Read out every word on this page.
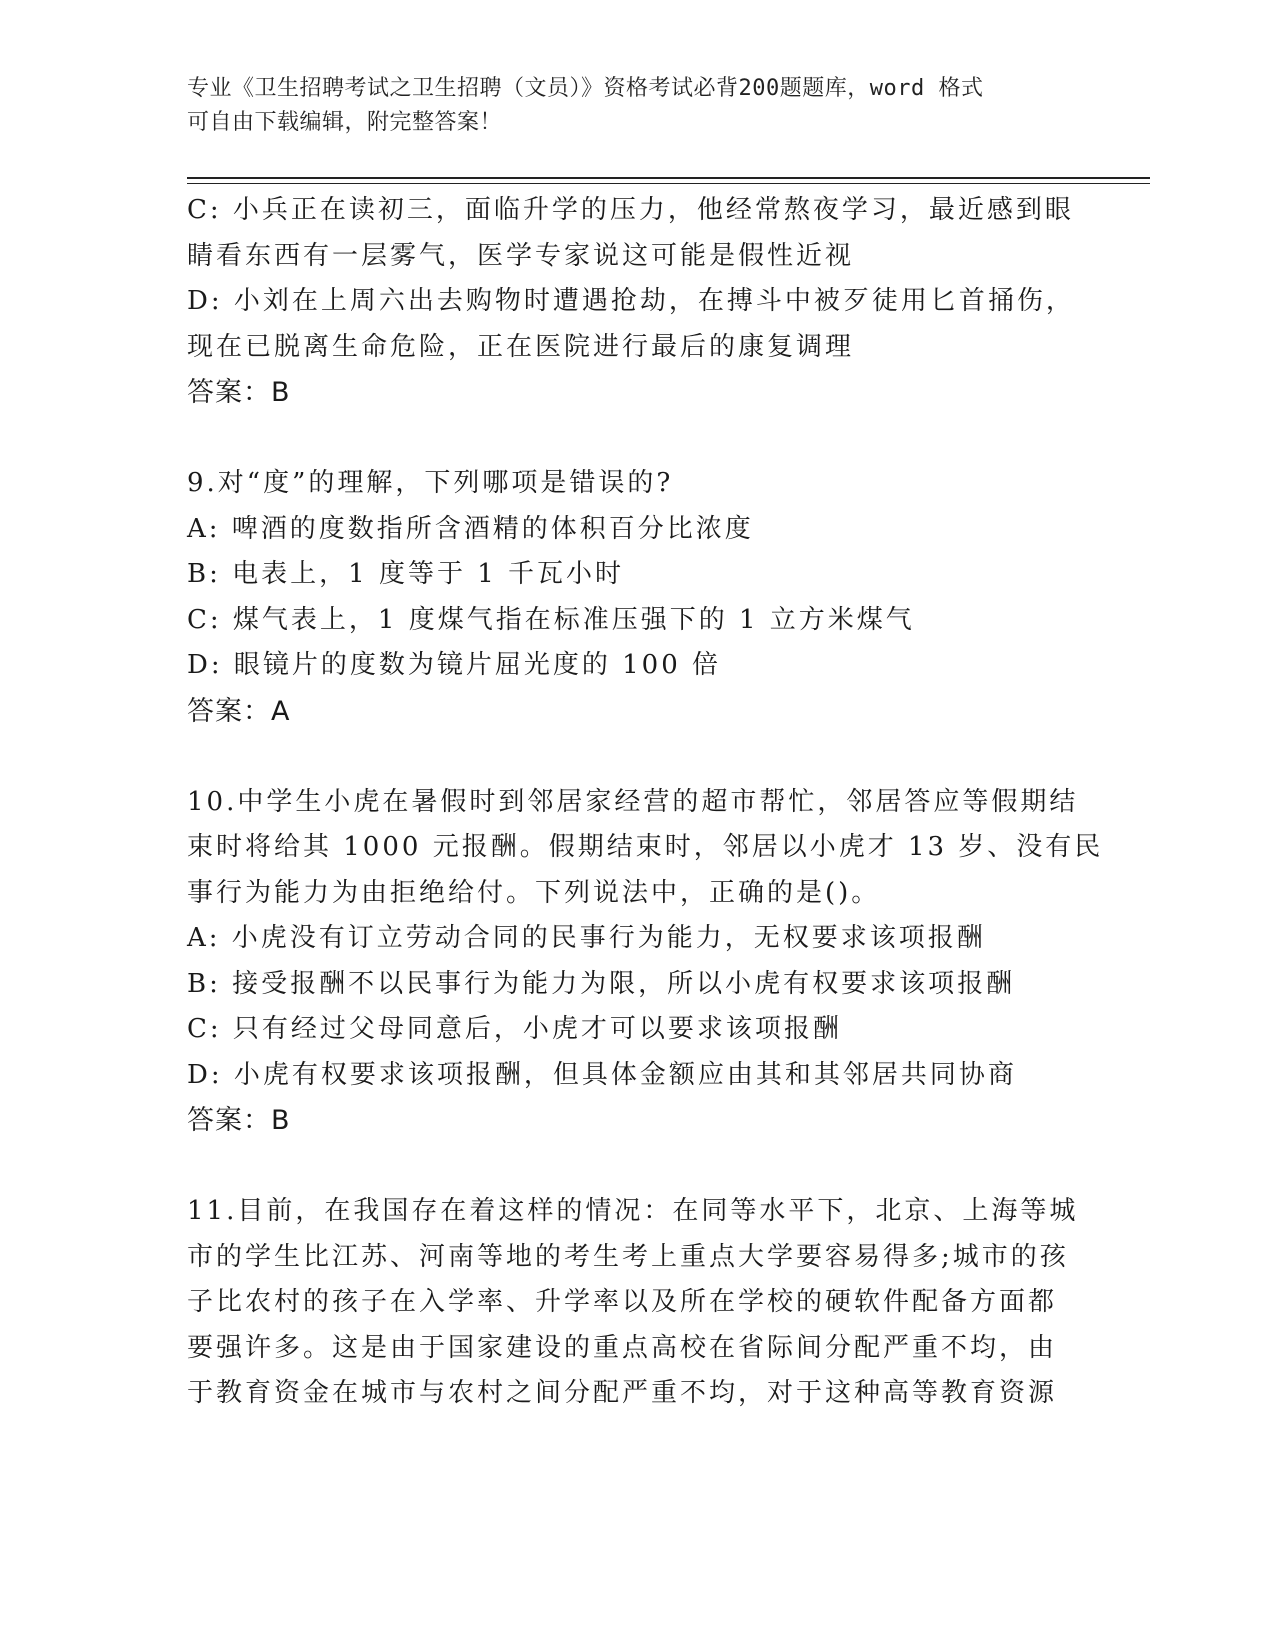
专业《卫生招聘考试之卫生招聘（文员）》资格考试必背200题题库，word 格式
可自由下载编辑，附完整答案！
C: 小兵正在读初三，面临升学的压力，他经常熬夜学习，最近感到眼
睛看东西有一层雾气，医学专家说这可能是假性近视
D: 小刘在上周六出去购物时遭遇抢劫，在搏斗中被歹徒用匕首捅伤，
现在已脱离生命危险，正在医院进行最后的康复调理
答案：B
9.对“度”的理解，下列哪项是错误的?
A: 啤酒的度数指所含酒精的体积百分比浓度
B: 电表上，1 度等于 1 千瓦小时
C: 煤气表上，1 度煤气指在标准压强下的 1 立方米煤气
D: 眼镜片的度数为镜片屈光度的 100 倍
答案：A
10.中学生小虎在暑假时到邻居家经营的超市帮忙，邻居答应等假期结
束时将给其 1000 元报酬。假期结束时，邻居以小虎才 13 岁、没有民
事行为能力为由拒绝给付。下列说法中，正确的是()。
A: 小虎没有订立劳动合同的民事行为能力，无权要求该项报酬
B: 接受报酬不以民事行为能力为限，所以小虎有权要求该项报酬
C: 只有经过父母同意后，小虎才可以要求该项报酬
D: 小虎有权要求该项报酬，但具体金额应由其和其邻居共同协商
答案：B
11.目前，在我国存在着这样的情况：在同等水平下，北京、上海等城
市的学生比江苏、河南等地的考生考上重点大学要容易得多;城市的孩
子比农村的孩子在入学率、升学率以及所在学校的硬软件配备方面都
要强许多。这是由于国家建设的重点高校在省际间分配严重不均，由
于教育资金在城市与农村之间分配严重不均，对于这种高等教育资源
